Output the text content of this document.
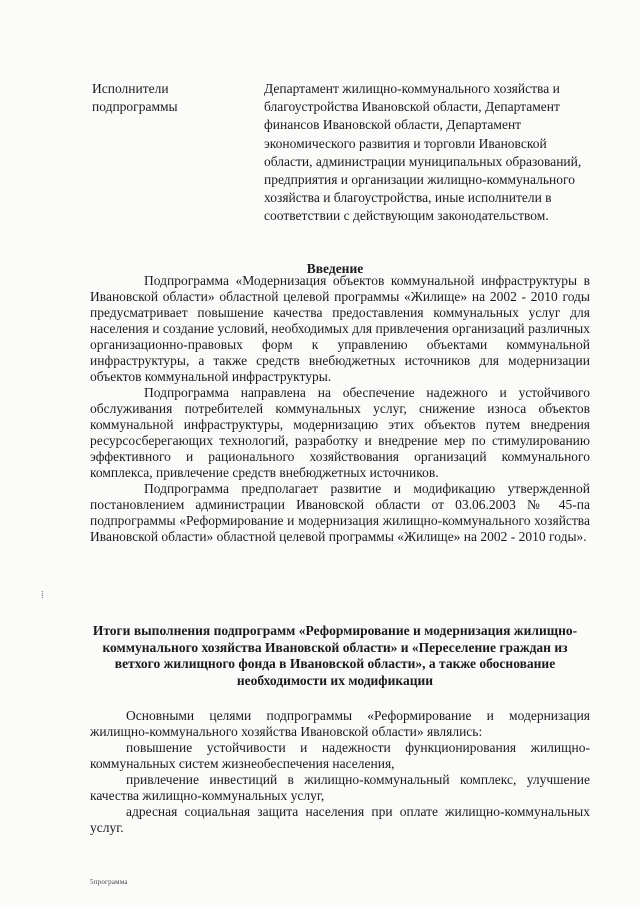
Исполнители подпрограммы
Департамент жилищно-коммунального хозяйства и благоустройства Ивановской области, Департамент финансов Ивановской области, Департамент экономического развития и торговли Ивановской области, администрации муниципальных образований, предприятия и организации жилищно-коммунального хозяйства и благоустройства, иные исполнители в соответствии с действующим законодательством.
Введение

Подпрограмма «Модернизация объектов коммунальной инфраструктуры в Ивановской области» областной целевой программы «Жилище» на 2002 - 2010 годы предусматривает повышение качества предоставления коммунальных услуг для населения и создание условий, необходимых для привлечения организаций различных организационно-правовых форм к управлению объектами коммунальной инфраструктуры, а также средств внебюджетных источников для модернизации объектов коммунальной инфраструктуры.

Подпрограмма направлена на обеспечение надежного и устойчивого обслуживания потребителей коммунальных услуг, снижение износа объектов коммунальной инфраструктуры, модернизацию этих объектов путем внедрения ресурсосберегающих технологий, разработку и внедрение мер по стимулированию эффективного и рационального хозяйствования организаций коммунального комплекса, привлечение средств внебюджетных источников.

Подпрограмма предполагает развитие и модификацию утвержденной постановлением администрации Ивановской области от 03.06.2003 № 45-па подпрограммы «Реформирование и модернизация жилищно-коммунального хозяйства Ивановской области» областной целевой программы «Жилище» на 2002 - 2010 годы».

⁞
Итоги выполнения подпрограмм «Реформирование и модернизация жилищно-коммунального хозяйства Ивановской области» и «Переселение граждан из ветхого жилищного фонда в Ивановской области», а также обоснование необходимости их модификации

Основными целями подпрограммы «Реформирование и модернизация жилищно-коммунального хозяйства Ивановской области» являлись:

повышение устойчивости и надежности функционирования жилищно-коммунальных систем жизнеобеспечения населения,

привлечение инвестиций в жилищно-коммунальный комплекс, улучшение качества жилищно-коммунальных услуг,

адресная социальная защита населения при оплате жилищно-коммунальных услуг.

5программа
